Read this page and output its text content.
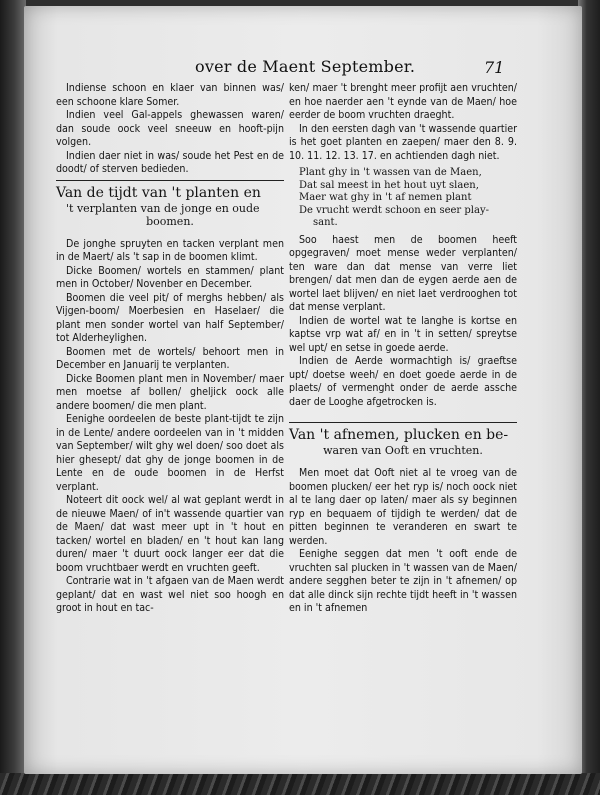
over de Maent September.	71

Indiense schoon en klaer van binnen was/ een schoone klare Somer.

Indien veel Gal-appels ghewassen waren/ dan soude oock veel sneeuw en hooft-pijn volgen.

Indien daer niet in was/ soude het Pest en de doodt/ of sterven bedieden.

Van de tijdt van 't planten en
't verplanten van de jonge en oude
boomen.

De jonghe spruyten en tacken verplant men in de Maert/ als 't sap in de boomen klimt.

Dicke Boomen/ wortels en stammen/ plant men in October/ Novenber en December.

Boomen die veel pit/ of merghs hebben/ als Vijgen-boom/ Moerbesien en Haselaer/ die plant men sonder wortel van half September/ tot Alderheylighen.

Boomen met de wortels/ behoort men in December en Januarij te verplanten.

Dicke Boomen plant men in November/ maer men moetse af bollen/ gheljick oock alle andere boomen/ die men plant.

Eenighe oordeelen de beste plant-tijdt te zijn in de Lente/ andere oordeelen van in 't midden van September/ wilt ghy wel doen/ soo doet als hier ghesept/ dat ghy de jonge boomen in de Lente en de oude boomen in de Herfst verplant.

Noteert dit oock wel/ al wat geplant werdt in de nieuwe Maen/ of in't wassende quartier van de Maen/ dat wast meer upt in 't hout en tacken/ wortel en bladen/ en 't hout kan lang duren/ maer 't duurt oock langer eer dat die boom vruchtbaer werdt en vruchten geeft.

Contrarie wat in 't afgaen van de Maen werdt geplant/ dat en wast wel niet soo hoogh en groot in hout en tac-

ken/ maer 't brenght meer profijt aen vruchten/ en hoe naerder aen 't eynde van de Maen/ hoe eerder de boom vruchten draeght.

In den eersten dagh van 't wassende quartier is het goet planten en zaepen/ maer den 8. 9. 10. 11. 12. 13. 17. en achtienden dagh niet.

Plant ghy in 't wassen van de Maen,
Dat sal meest in het hout uyt slaen,
Maer wat ghy in 't af nemen plant
De vrucht werdt schoon en seer play-
sant.

Soo haest men de boomen heeft opgegraven/ moet mense weder verplanten/ ten ware dan dat mense van verre liet brengen/ dat men dan de eygen aerde aen de wortel laet blijven/ en niet laet verdrooghen tot dat mense verplant.

Indien de wortel wat te langhe is kortse en kaptse vrp wat af/ en in 't in setten/ spreytse wel upt/ en setse in goede aerde.

Indien de Aerde wormachtigh is/ graeftse upt/ doetse weeh/ en doet goede aerde in de plaets/ of vermenght onder de aerde assche daer de Looghe afgetrocken is.

Van 't afnemen, plucken en be-
waren van Ooft en vruchten.

Men moet dat Ooft niet al te vroeg van de boomen plucken/ eer het ryp is/ noch oock niet al te lang daer op laten/ maer als sy beginnen ryp en bequaem of tijdigh te werden/ dat de pitten beginnen te veranderen en swart te werden.

Eenighe seggen dat men 't ooft ende de vruchten sal plucken in 't wassen van de Maen/ andere segghen beter te zijn in 't afnemen/ op dat alle dinck sijn rechte tijdt heeft in 't wassen en in 't afnemen
